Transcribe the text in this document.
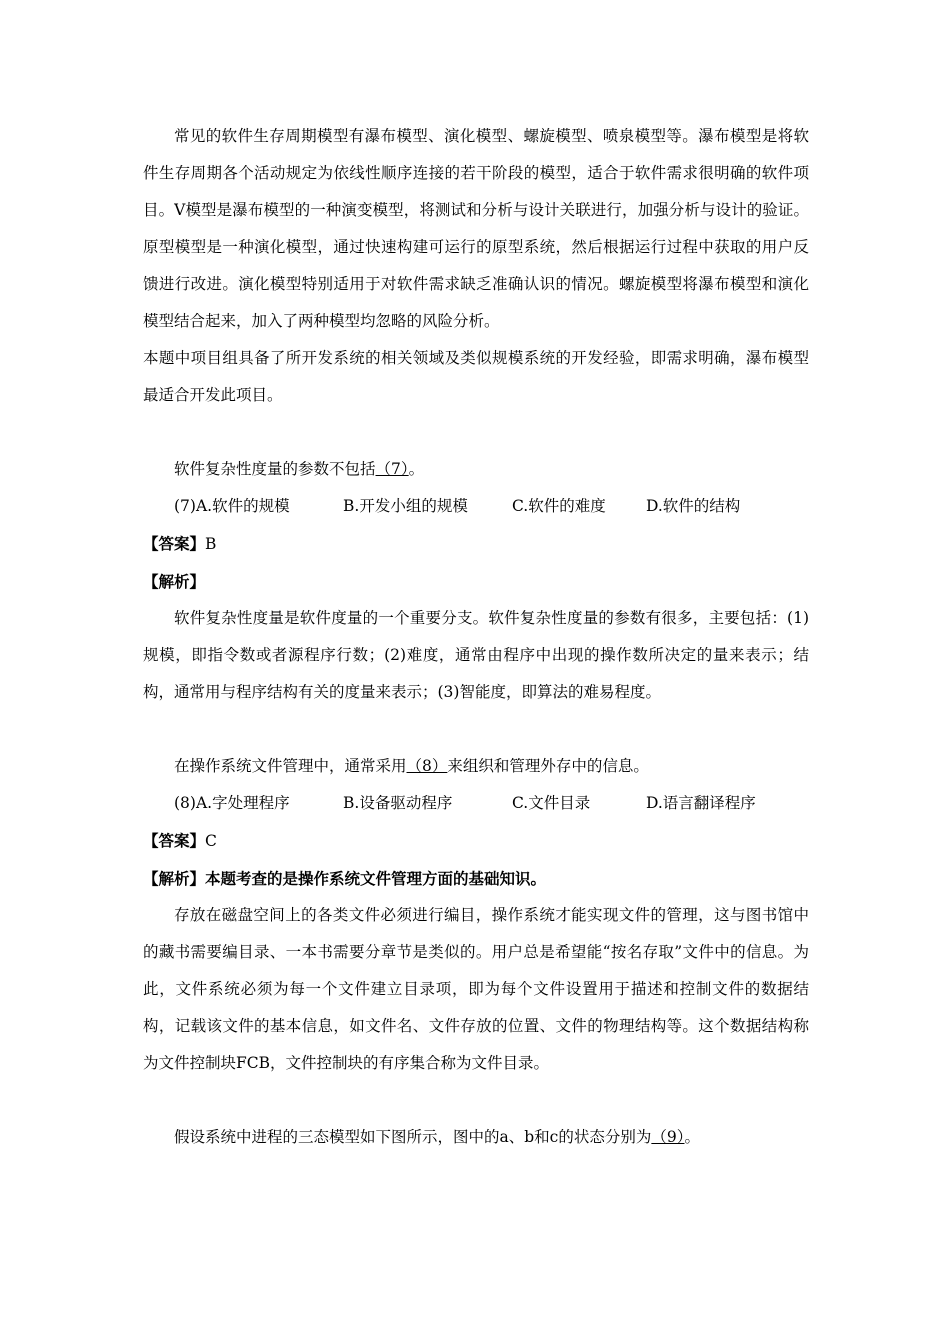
常见的软件生存周期模型有瀑布模型、演化模型、螺旋模型、喷泉模型等。瀑布模型是将软件生存周期各个活动规定为依线性顺序连接的若干阶段的模型，适合于软件需求很明确的软件项目。V模型是瀑布模型的一种演变模型，将测试和分析与设计关联进行，加强分析与设计的验证。原型模型是一种演化模型，通过快速构建可运行的原型系统，然后根据运行过程中获取的用户反馈进行改进。演化模型特别适用于对软件需求缺乏准确认识的情况。螺旋模型将瀑布模型和演化模型结合起来，加入了两种模型均忽略的风险分析。

本题中项目组具备了所开发系统的相关领域及类似规模系统的开发经验，即需求明确，瀑布模型最适合开发此项目。

软件复杂性度量的参数不包括（7）。

(7)A.软件的规模	B.开发小组的规模	C.软件的难度	D.软件的结构

【答案】B

【解析】

软件复杂性度量是软件度量的一个重要分支。软件复杂性度量的参数有很多，主要包括：(1)规模，即指令数或者源程序行数；(2)难度，通常由程序中出现的操作数所决定的量来表示；结构，通常用与程序结构有关的度量来表示；(3)智能度，即算法的难易程度。

在操作系统文件管理中，通常采用（8）来组织和管理外存中的信息。

(8)A.字处理程序	B.设备驱动程序	C.文件目录	D.语言翻译程序

【答案】C

【解析】本题考查的是操作系统文件管理方面的基础知识。

存放在磁盘空间上的各类文件必须进行编目，操作系统才能实现文件的管理，这与图书馆中的藏书需要编目录、一本书需要分章节是类似的。用户总是希望能“按名存取”文件中的信息。为此，文件系统必须为每一个文件建立目录项，即为每个文件设置用于描述和控制文件的数据结构，记载该文件的基本信息，如文件名、文件存放的位置、文件的物理结构等。这个数据结构称为文件控制块FCB，文件控制块的有序集合称为文件目录。

假设系统中进程的三态模型如下图所示，图中的a、b和c的状态分别为（9）。
